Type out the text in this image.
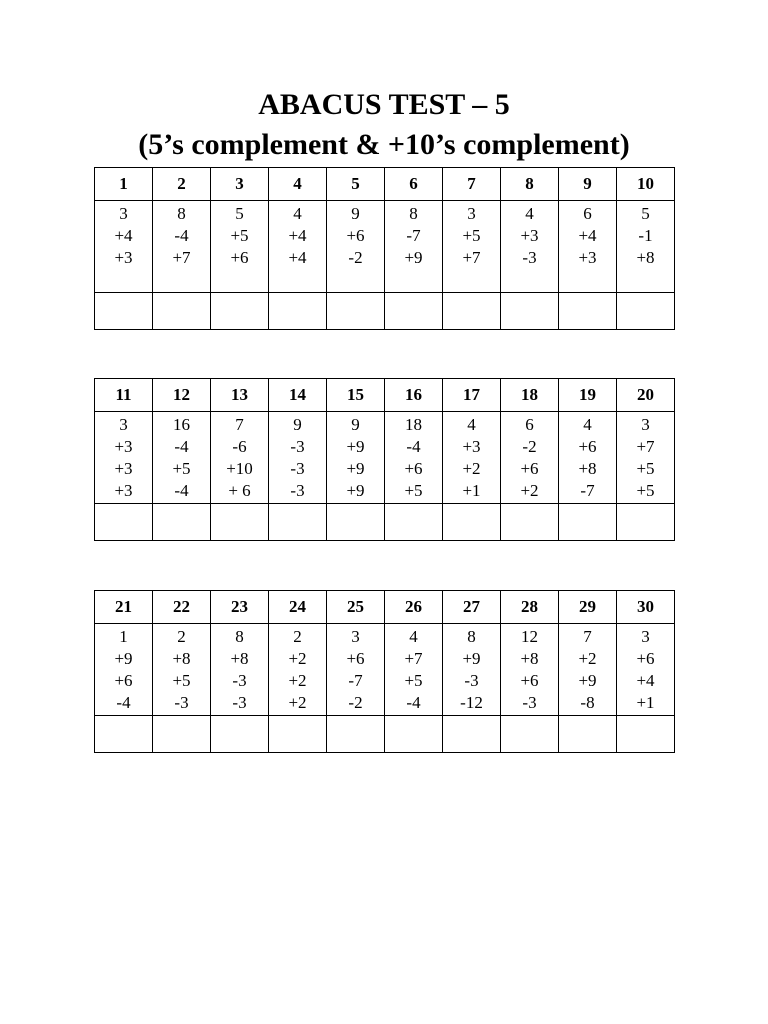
ABACUS TEST – 5
(5’s complement & +10’s complement)
1	2	3	4	5	6	7	8	9	10

3
+4
+3	8
-4
+7	5
+5
+6	4
+4
+4	9
+6
-2	8
-7
+9	3
+5
+7	4
+3
-3	6
+4
+3	5
-1
+8

11	12	13	14	15	16	17	18	19	20

3
+3
+3
+3	16
-4
+5
-4	7
-6
+10
+ 6	9
-3
-3
-3	9
+9
+9
+9	18
-4
+6
+5	4
+3
+2
+1	6
-2
+6
+2	4
+6
+8
-7	3
+7
+5
+5

21	22	23	24	25	26	27	28	29	30

1
+9
+6
-4	2
+8
+5
-3	8
+8
-3
-3	2
+2
+2
+2	3
+6
-7
-2	4
+7
+5
-4	8
+9
-3
-12	12
+8
+6
-3	7
+2
+9
-8	3
+6
+4
+1
